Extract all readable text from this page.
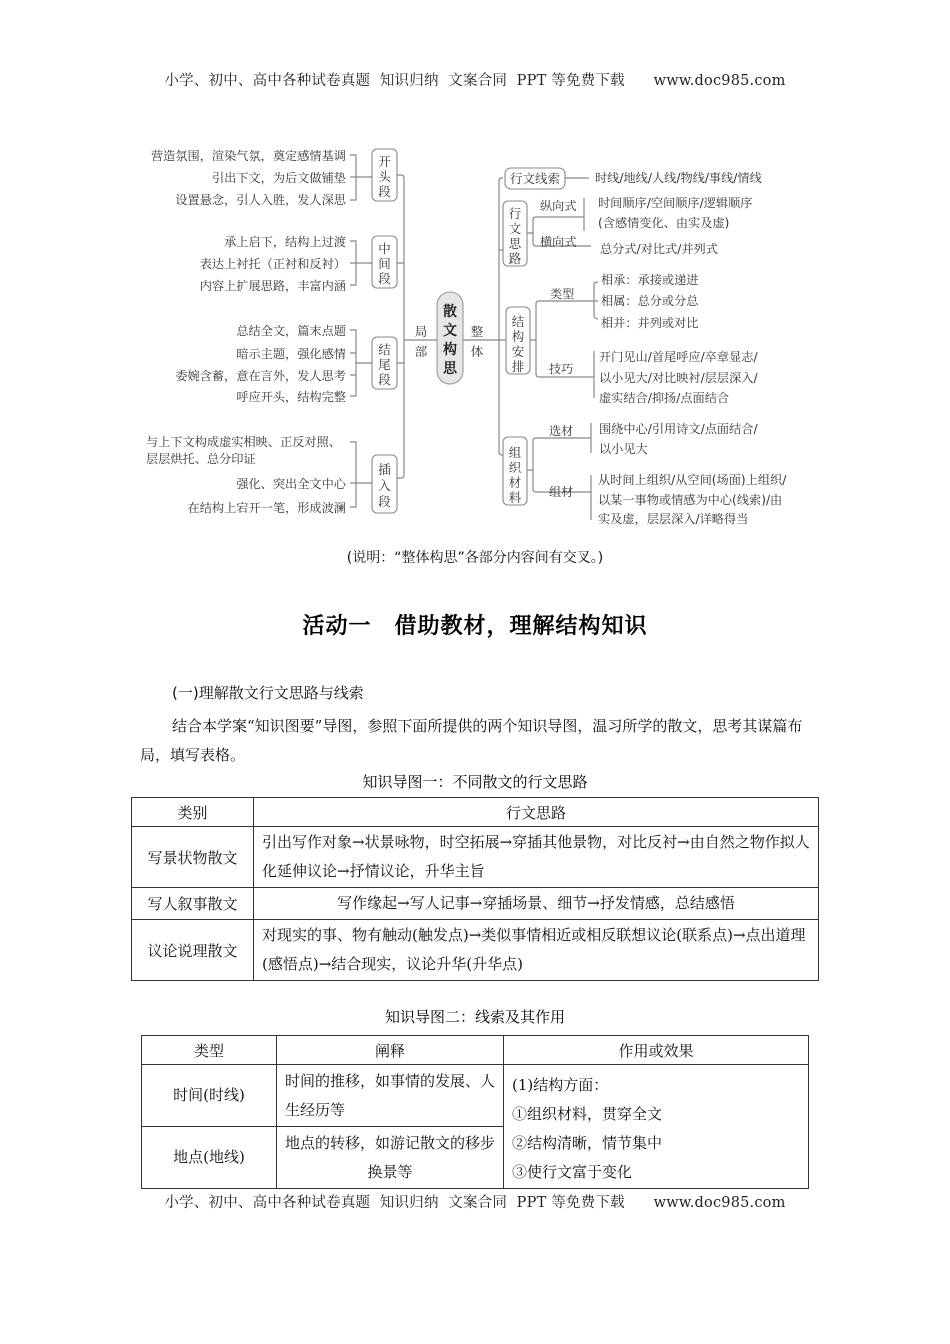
小学、初中、高中各种试卷真题  知识归纳  文案合同  PPT 等免费下载      www.doc985.com
营造氛围，渲染气氛，奠定感情基调
引出下文，为后文做铺垫
设置悬念，引人入胜，发人深思
承上启下，结构上过渡
表达上衬托（正衬和反衬）
内容上扩展思路，丰富内涵
总结全文，篇末点题
暗示主题，强化感情
委婉含蓄，意在言外，发人思考
呼应开头，结构完整
与上下文构成虚实相映、正反对照、
层层烘托、总分印证
强化、突出全文中心
在结构上宕开一笔，形成波澜
开
头
段
中
间
段
结
尾
段
插
入
段
局
部
整
体
散
文
构
思
行文线索	时线/地线/人线/物线/事线/情线
行
文
思
路
纵向式
横向式
时间顺序/空间顺序/逻辑顺序
(含感情变化、由实及虚)
总分式/对比式/并列式
结
构
安
排
类型
技巧
相承：承接或递进
相属：总分或分总
相并：并列或对比
开门见山/首尾呼应/卒章显志/
以小见大/对比映衬/层层深入/
虚实结合/抑扬/点面结合
组
织
材
料
选材
组材
围绕中心/引用诗文/点面结合/
以小见大
从时间上组织/从空间(场面)上组织/
以某一事物或情感为中心(线索)/由
实及虚，层层深入/详略得当
(说明：“整体构思”各部分内容间有交叉。)
活动一　借助教材，理解结构知识
(一)理解散文行文思路与线索
结合本学案“知识图要”导图，参照下面所提供的两个知识导图，温习所学的散文，思考其谋篇布局，填写表格。
知识导图一：不同散文的行文思路
类别	行文思路
写景状物散文	引出写作对象→状景咏物，时空拓展→穿插其他景物，对比反衬→由自然之物作拟人化延伸议论→抒情议论，升华主旨
写人叙事散文	写作缘起→写人记事→穿插场景、细节→抒发情感，总结感悟
议论说理散文	对现实的事、物有触动(触发点)→类似事情相近或相反联想议论(联系点)→点出道理(感悟点)→结合现实，议论升华(升华点)
知识导图二：线索及其作用
类型	阐释	作用或效果
时间(时线)	时间的推移，如事情的发展、人生经历等	(1)结构方面：
①组织材料，贯穿全文
②结构清晰，情节集中
③使行文富于变化

地点(地线)	地点的转移，如游记散文的移步换景等	
小学、初中、高中各种试卷真题  知识归纳  文案合同  PPT 等免费下载      www.doc985.com
